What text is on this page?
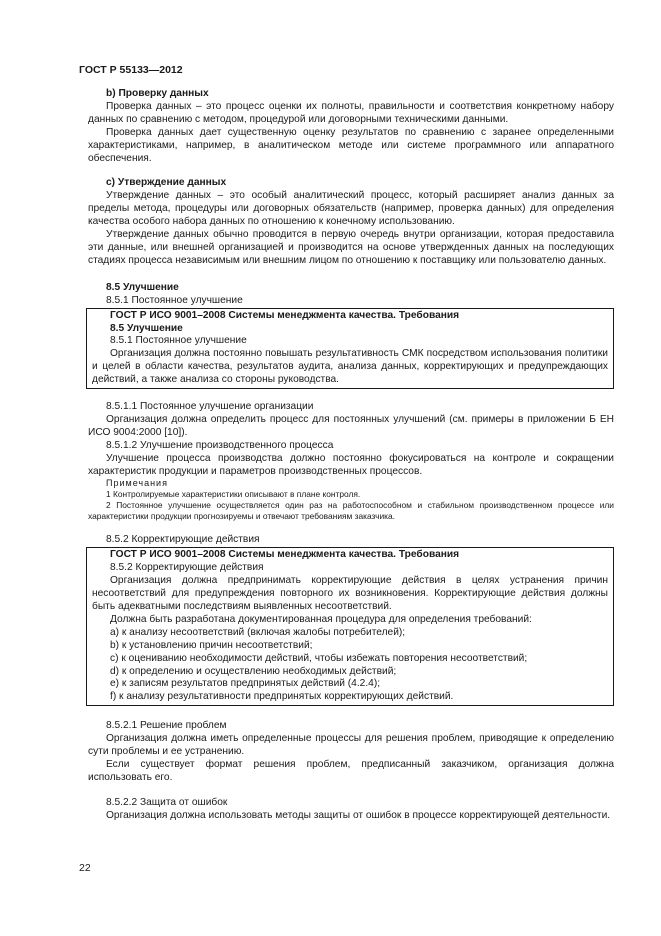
ГОСТ Р 55133—2012

b) Проверку данных

Проверка данных – это процесс оценки их полноты, правильности и соответствия конкретному набору данных по сравнению с методом, процедурой или договорными техническими данными.

Проверка данных дает существенную оценку результатов по сравнению с заранее определенными характеристиками, например, в аналитическом методе или системе программного или аппаратного обеспечения.

c) Утверждение данных

Утверждение данных – это особый аналитический процесс, который расширяет анализ данных за пределы метода, процедуры или договорных обязательств (например, проверка данных) для определения качества особого набора данных по отношению к конечному использованию.

Утверждение данных обычно проводится в первую очередь внутри организации, которая предоставила эти данные, или внешней организацией и производится на основе утвержденных данных на последующих стадиях процесса независимым или внешним лицом по отношению к поставщику или пользователю данных.

8.5 Улучшение

8.5.1 Постоянное улучшение

ГОСТ Р ИСО 9001–2008 Системы менеджмента качества. Требования

8.5 Улучшение

8.5.1 Постоянное улучшение

Организация должна постоянно повышать результативность СМК посредством использования политики и целей в области качества, результатов аудита, анализа данных, корректирующих и предупреждающих действий, а также анализа со стороны руководства.

8.5.1.1 Постоянное улучшение организации

Организация должна определить процесс для постоянных улучшений (см. примеры в приложении Б ЕН ИСО 9004:2000 [10]).

8.5.1.2 Улучшение производственного процесса

Улучшение процесса производства должно постоянно фокусироваться на контроле и сокращении характеристик продукции и параметров производственных процессов.

Примечания

1 Контролируемые характеристики описывают в плане контроля.

2 Постоянное улучшение осуществляется один раз на работоспособном и стабильном производственном процессе или характеристики продукции прогнозируемы и отвечают требованиям заказчика.

8.5.2 Корректирующие действия

ГОСТ Р ИСО 9001–2008 Системы менеджмента качества. Требования

8.5.2 Корректирующие действия

Организация должна предпринимать корректирующие действия в целях устранения причин несоответствий для предупреждения повторного их возникновения. Корректирующие действия должны быть адекватными последствиям выявленных несоответствий.

Должна быть разработана документированная процедура для определения требований:

а) к анализу несоответствий (включая жалобы потребителей);

b) к установлению причин несоответствий;

c) к оцениванию необходимости действий, чтобы избежать повторения несоответствий;

d) к определению и осуществлению необходимых действий;

e) к записям результатов предпринятых действий (4.2.4);

f) к анализу результативности предпринятых корректирующих действий.

8.5.2.1 Решение проблем

Организация должна иметь определенные процессы для решения проблем, приводящие к определению сути проблемы и ее устранению.

Если существует формат решения проблем, предписанный заказчиком, организация должна использовать его.

8.5.2.2 Защита от ошибок

Организация должна использовать методы защиты от ошибок в процессе корректирующей деятельности.

22
